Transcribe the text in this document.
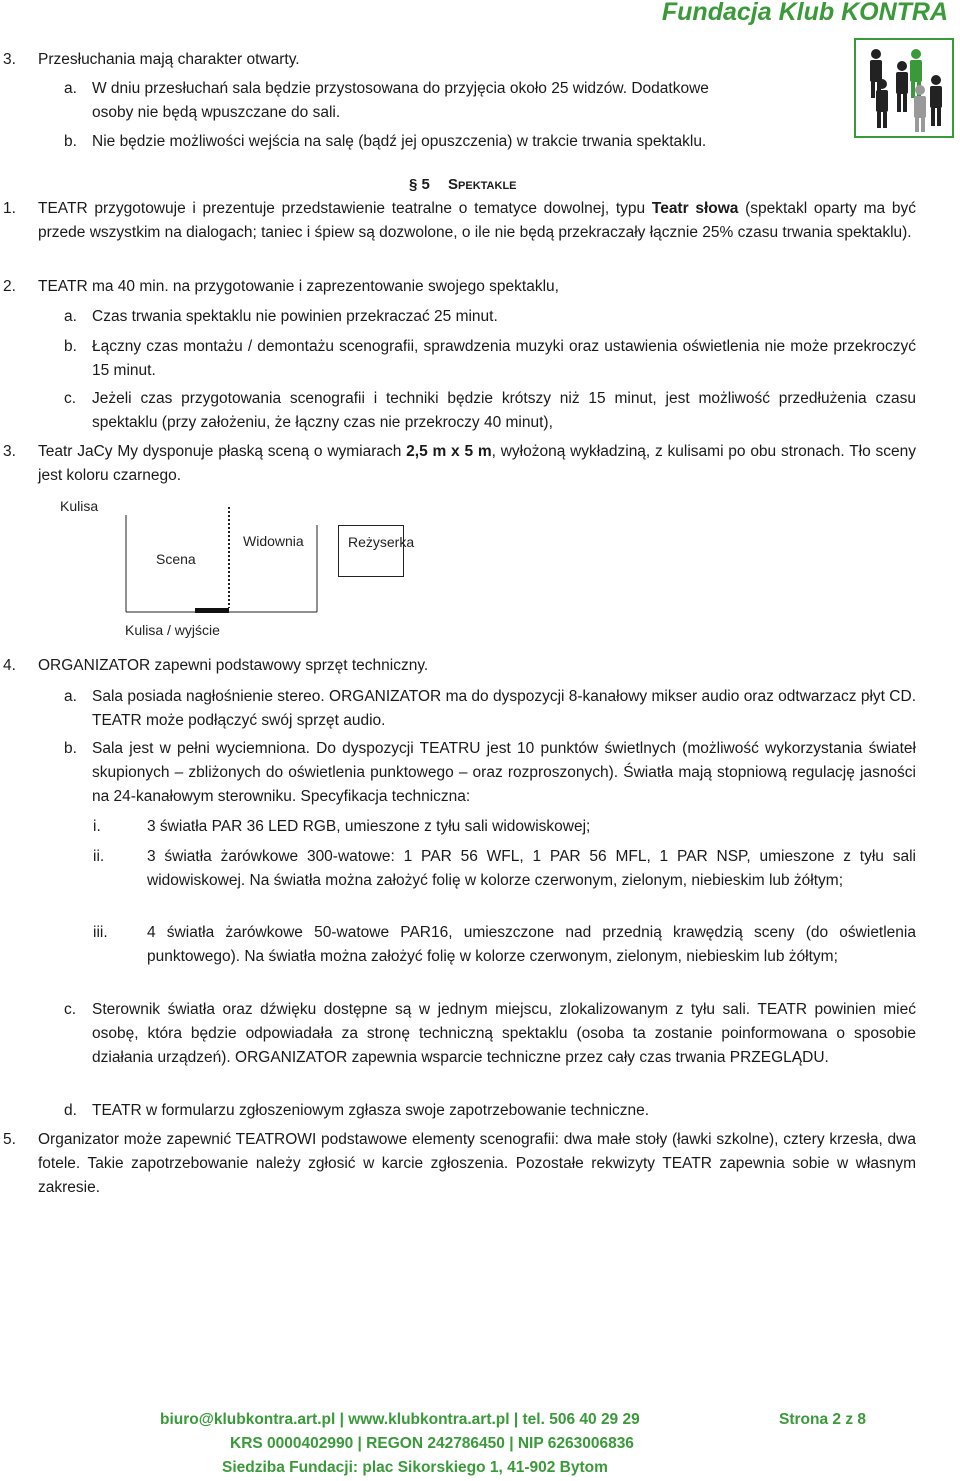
Fundacja Klub KONTRA
3. Przesłuchania mają charakter otwarty.
a. W dniu przesłuchań sala będzie przystosowana do przyjęcia około 25 widzów. Dodatkowe
osoby nie będą wpuszczane do sali.
b. Nie będzie możliwości wejścia na salę (bądź jej opuszczenia) w trakcie trwania spektaklu.
§ 5 Spektakle
1. TEATR przygotowuje i prezentuje przedstawienie teatralne o tematyce dowolnej, typu Teatr słowa (spektakl oparty ma być przede wszystkim na dialogach; taniec i śpiew są dozwolone, o ile nie będą przekraczały łącznie 25% czasu trwania spektaklu).
2. TEATR ma 40 min. na przygotowanie i zaprezentowanie swojego spektaklu,
a. Czas trwania spektaklu nie powinien przekraczać 25 minut.
b. Łączny czas montażu / demontażu scenografii, sprawdzenia muzyki oraz ustawienia oświetlenia nie może przekroczyć 15 minut.
c. Jeżeli czas przygotowania scenografii i techniki będzie krótszy niż 15 minut, jest możliwość przedłużenia czasu spektaklu (przy założeniu, że łączny czas nie przekroczy 40 minut),
3. Teatr JaCy My dysponuje płaską sceną o wymiarach 2,5 m x 5 m, wyłożoną wykładziną, z kulisami po obu stronach. Tło sceny jest koloru czarnego.
Kulisa
Scena
Widownia	Reżyserka
Kulisa / wyjście
4. ORGANIZATOR zapewni podstawowy sprzęt techniczny.
a. Sala posiada nagłośnienie stereo. ORGANIZATOR ma do dyspozycji 8-kanałowy mikser audio oraz odtwarzacz płyt CD. TEATR może podłączyć swój sprzęt audio.
b. Sala jest w pełni wyciemniona. Do dyspozycji TEATRU jest 10 punktów świetlnych (możliwość wykorzystania świateł skupionych – zbliżonych do oświetlenia punktowego – oraz rozproszonych). Światła mają stopniową regulację jasności na 24-kanałowym sterowniku. Specyfikacja techniczna:
i.	3 światła PAR 36 LED RGB, umieszone z tyłu sali widowiskowej;
ii.	3 światła żarówkowe 300-watowe: 1 PAR 56 WFL, 1 PAR 56 MFL, 1 PAR NSP, umieszone z tyłu sali widowiskowej. Na światła można założyć folię w kolorze czerwonym, zielonym, niebieskim lub żółtym;
iii.	4 światła żarówkowe 50-watowe PAR16, umieszczone nad przednią krawędzią sceny (do oświetlenia punktowego). Na światła można założyć folię w kolorze czerwonym, zielonym, niebieskim lub żółtym;
c. Sterownik światła oraz dźwięku dostępne są w jednym miejscu, zlokalizowanym z tyłu sali. TEATR powinien mieć osobę, która będzie odpowiadała za stronę techniczną spektaklu (osoba ta zostanie poinformowana o sposobie działania urządzeń). ORGANIZATOR zapewnia wsparcie techniczne przez cały czas trwania PRZEGLĄDU.
d. TEATR w formularzu zgłoszeniowym zgłasza swoje zapotrzebowanie techniczne.
5. Organizator może zapewnić TEATROWI podstawowe elementy scenografii: dwa małe stoły (ławki szkolne), cztery krzesła, dwa fotele. Takie zapotrzebowanie należy zgłosić w karcie zgłoszenia. Pozostałe rekwizyty TEATR zapewnia sobie w własnym zakresie.
biuro@klubkontra.art.pl | www.klubkontra.art.pl | tel. 506 40 29 29	Strona 2 z 8
KRS 0000402990 | REGON 242786450 | NIP 6263006836
Siedziba Fundacji: plac Sikorskiego 1, 41-902 Bytom
